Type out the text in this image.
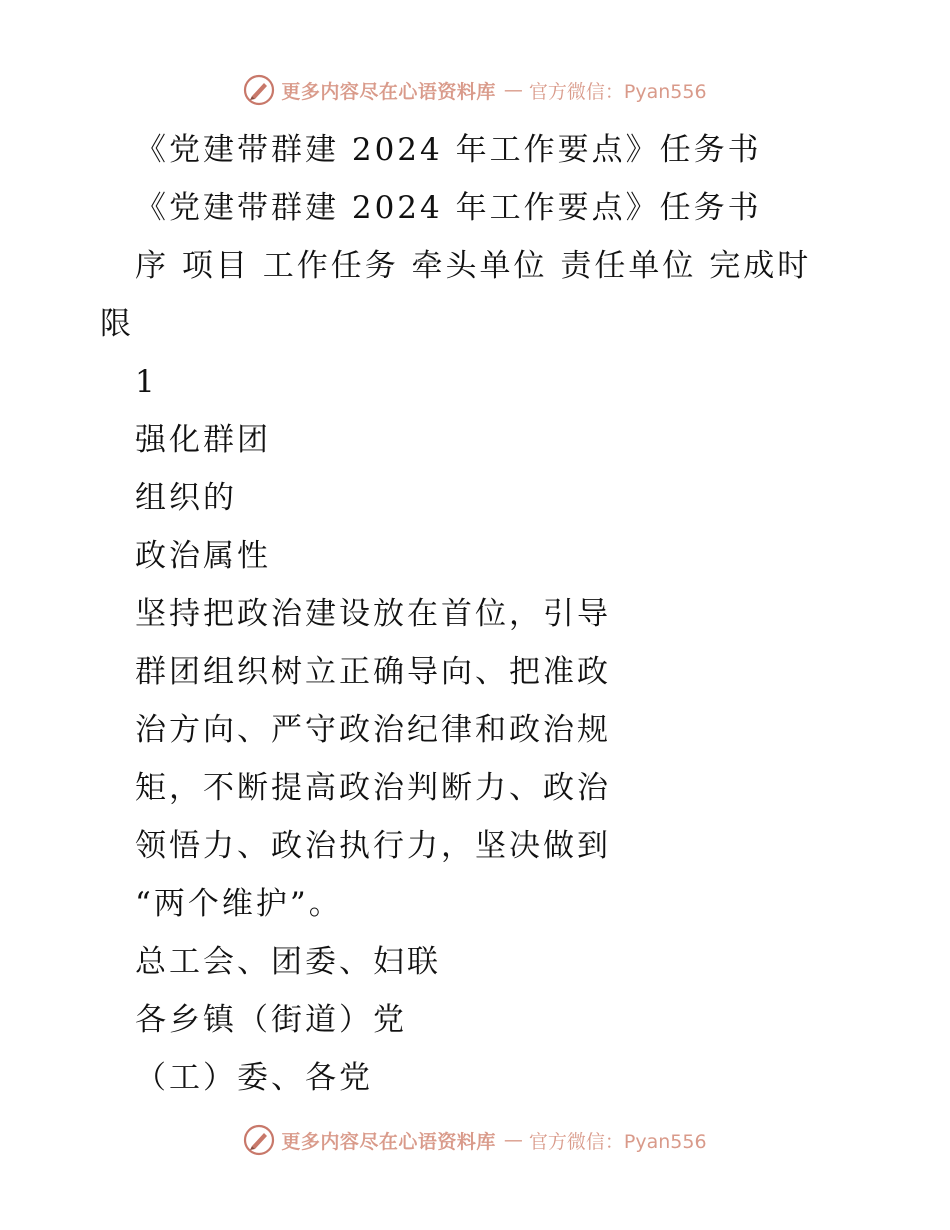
更多内容尽在心语资料库 — 官方微信：Pyan556
《党建带群建 2024 年工作要点》任务书
《党建带群建 2024 年工作要点》任务书
序 项目 工作任务 牵头单位 责任单位 完成时
限
1
强化群团
组织的
政治属性
坚持把政治建设放在首位，引导
群团组织树立正确导向、把准政
治方向、严守政治纪律和政治规
矩，不断提高政治判断力、政治
领悟力、政治执行力，坚决做到
“两个维护”。
总工会、团委、妇联
各乡镇（街道）党
（工）委、各党
更多内容尽在心语资料库 — 官方微信：Pyan556
